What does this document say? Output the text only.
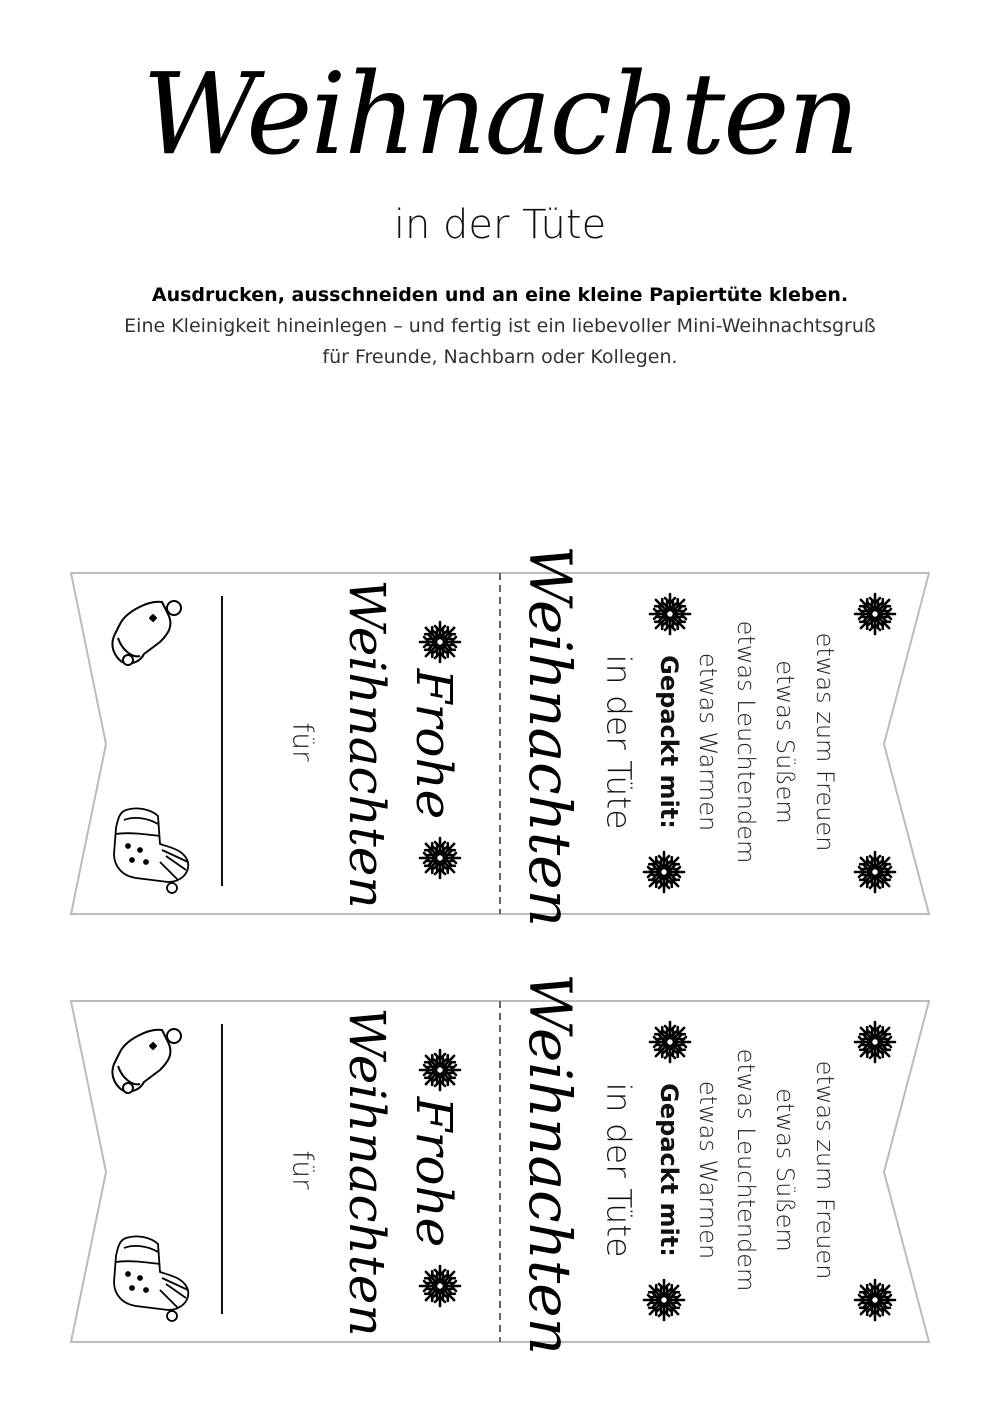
Weihnachten
in der Tüte
Ausdrucken, ausschneiden und an eine kleine Papiertüte kleben.
Eine Kleinigkeit hineinlegen – und fertig ist ein liebevoller Mini-Weihnachtsgruß
für Freunde, Nachbarn oder Kollegen.
für Weihnachten Frohe Weihnachten in der Tüte Gepackt mit: etwas Warmen etwas Leuchtendem etwas Süßem etwas zum Freuen
für Weihnachten Frohe Weihnachten in der Tüte Gepackt mit: etwas Warmen etwas Leuchtendem etwas Süßem etwas zum Freuen
